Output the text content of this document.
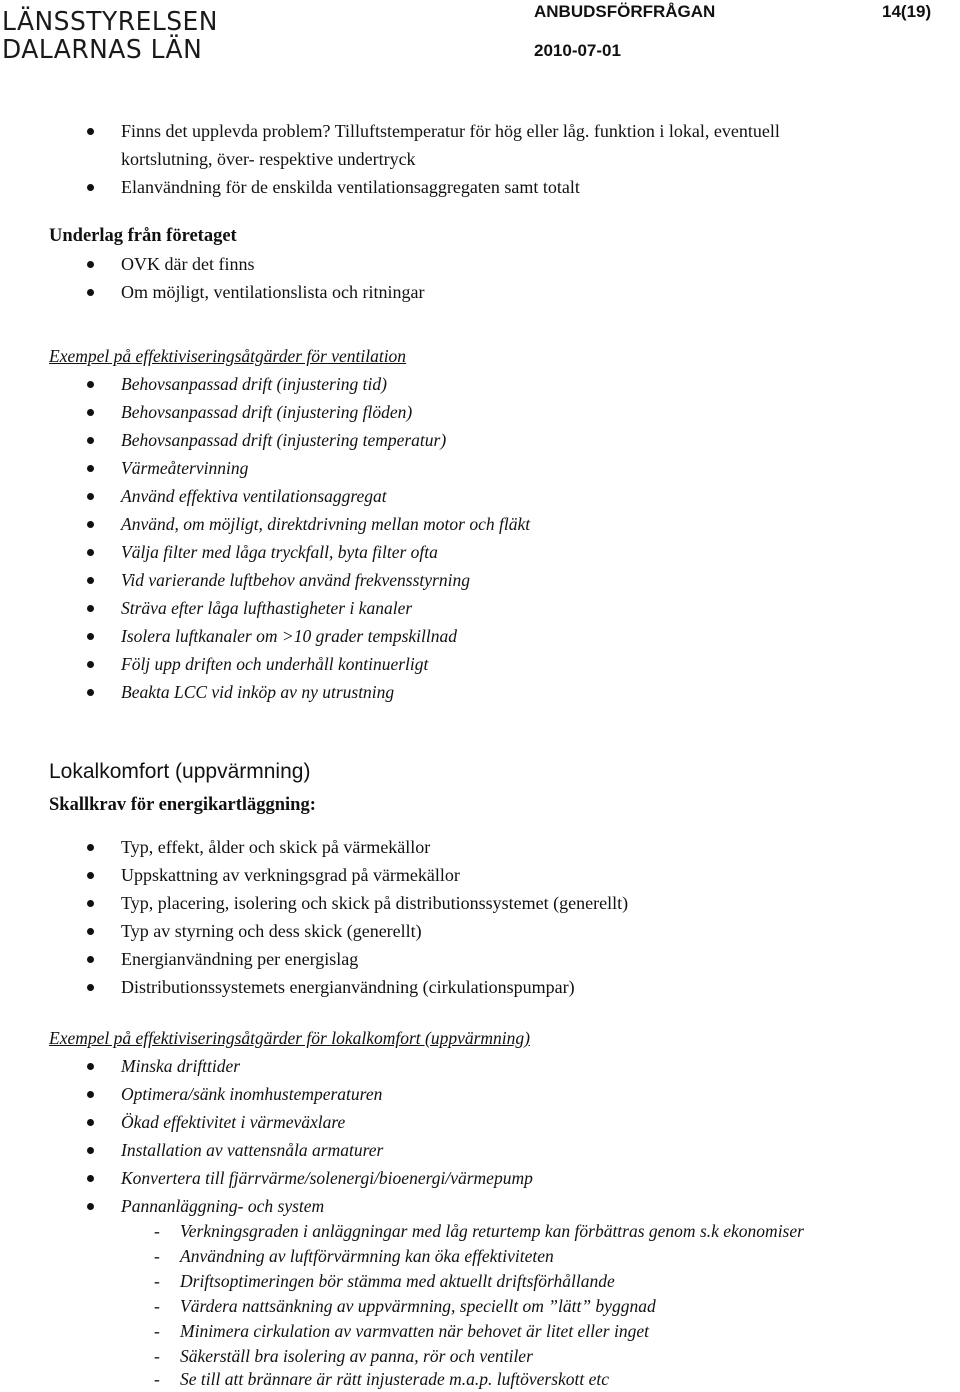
LÄNSSTYRELSEN
DALARNAS LÄN
ANBUDSFÖRFRÅGAN	14(19)
2010-07-01
Finns det upplevda problem? Tilluftstemperatur för hög eller låg. funktion i lokal, eventuell kortslutning, över- respektive undertryck
Elanvändning för de enskilda ventilationsaggregaten samt totalt
Underlag från företaget
OVK där det finns
Om möjligt, ventilationslista och ritningar
Exempel på effektiviseringsåtgärder för ventilation
Behovsanpassad drift (injustering tid)
Behovsanpassad drift (injustering flöden)
Behovsanpassad drift (injustering temperatur)
Värmeåtervinning
Använd effektiva ventilationsaggregat
Använd, om möjligt, direktdrivning mellan motor och fläkt
Välja filter med låga tryckfall, byta filter ofta
Vid varierande luftbehov använd frekvensstyrning
Sträva efter låga lufthastigheter i kanaler
Isolera luftkanaler om >10 grader tempskillnad
Följ upp driften och underhåll kontinuerligt
Beakta LCC vid inköp av ny utrustning
Lokalkomfort (uppvärmning)
Skallkrav för energikartläggning:
Typ, effekt, ålder och skick på värmekällor
Uppskattning av verkningsgrad på värmekällor
Typ, placering, isolering och skick på distributionssystemet (generellt)
Typ av styrning och dess skick (generellt)
Energianvändning per energislag
Distributionssystemets energianvändning (cirkulationspumpar)
Exempel på effektiviseringsåtgärder för lokalkomfort (uppvärmning)
Minska drifttider
Optimera/sänk inomhustemperaturen
Ökad effektivitet i värmeväxlare
Installation av vattensnåla armaturer
Konvertera till fjärrvärme/solenergi/bioenergi/värmepump
Pannanläggning- och system
- Verkningsgraden i anläggningar med låg returtemp kan förbättras genom s.k ekonomiser
- Användning av luftförvärmning kan öka effektiviteten
- Driftsoptimeringen bör stämma med aktuellt driftsförhållande
- Värdera nattsänkning av uppvärmning, speciellt om ”lätt” byggnad
- Minimera cirkulation av varmvatten när behovet är litet eller inget
- Säkerställ bra isolering av panna, rör och ventiler
- Se till att brännare är rätt injusterade m.a.p. luftöverskott etc
